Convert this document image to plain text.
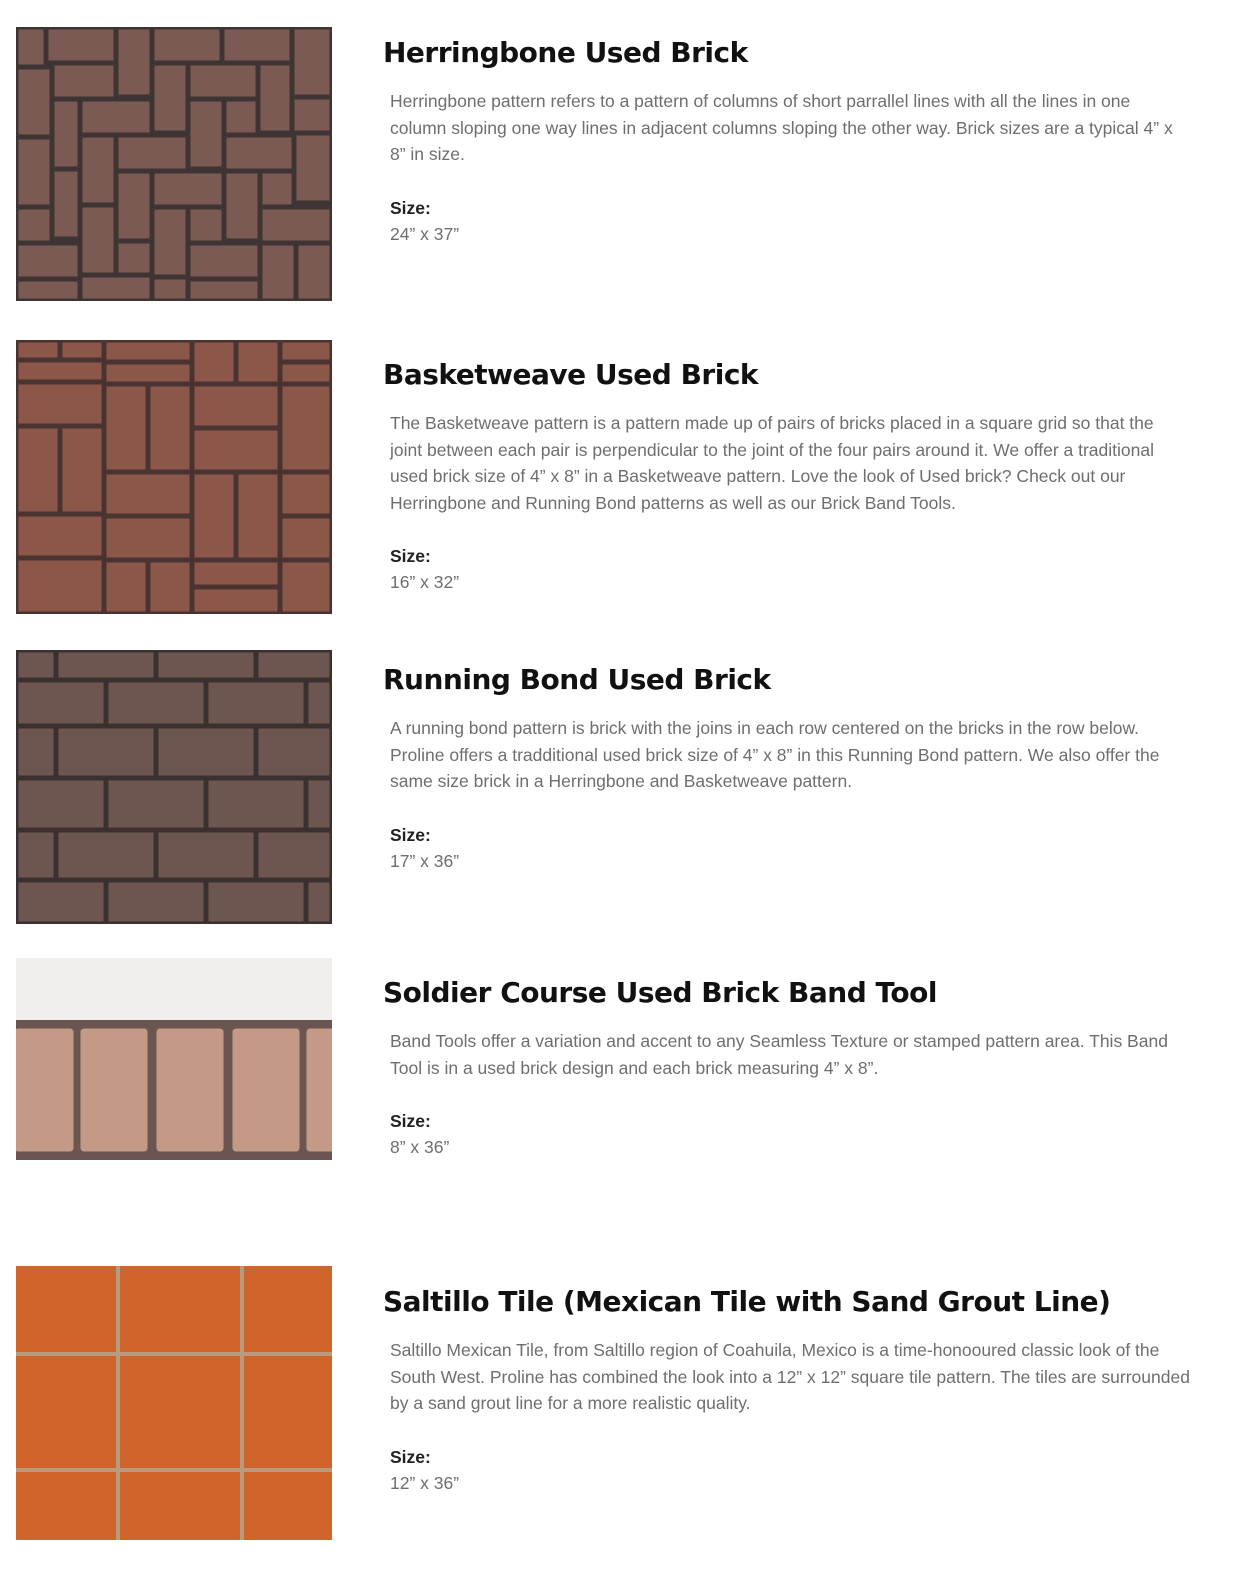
Herringbone Used Brick

Herringbone pattern refers to a pattern of columns of short parrallel lines with all the lines in one column sloping one way lines in adjacent columns sloping the other way. Brick sizes are a typical 4” x 8” in size.

Size:

24” x 37”

Basketweave Used Brick

The Basketweave pattern is a pattern made up of pairs of bricks placed in a square grid so that the joint between each pair is perpendicular to the joint of the four pairs around it. We offer a traditional used brick size of 4” x 8” in a Basketweave pattern. Love the look of Used brick? Check out our Herringbone and Running Bond patterns as well as our Brick Band Tools.

Size:

16” x 32”

Running Bond Used Brick

A running bond pattern is brick with the joins in each row centered on the bricks in the row below. Proline offers a tradditional used brick size of 4” x 8” in this Running Bond pattern. We also offer the same size brick in a Herringbone and Basketweave pattern.

Size:

17” x 36”

Soldier Course Used Brick Band Tool

Band Tools offer a variation and accent to any Seamless Texture or stamped pattern area. This Band Tool is in a used brick design and each brick measuring 4” x 8”.

Size:

8” x 36”

Saltillo Tile (Mexican Tile with Sand Grout Line)

Saltillo Mexican Tile, from Saltillo region of Coahuila, Mexico is a time-honooured classic look of the South West. Proline has combined the look into a 12” x 12” square tile pattern. The tiles are surrounded by a sand grout line for a more realistic quality.

Size:

12” x 36”
